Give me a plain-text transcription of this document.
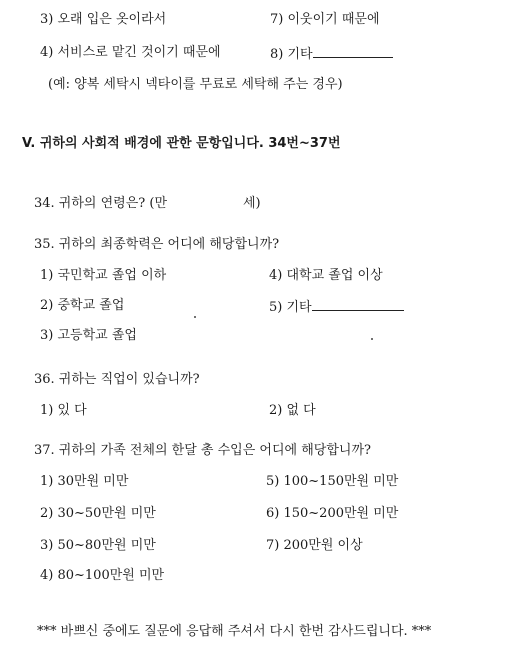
3) 오래 입은 옷이라서	7) 이웃이기 때문에
4) 서비스로 맡긴 것이기 때문에	8) 기타
(예: 양복 세탁시 넥타이를 무료로 세탁해 주는 경우)
V. 귀하의 사회적 배경에 관한 문항입니다. 34번~37번
34. 귀하의 연령은? (만	세)
35. 귀하의 최종학력은 어디에 해당합니까?
1) 국민학교 졸업 이하	4) 대학교 졸업 이상
2) 중학교 졸업	5) 기타
3) 고등학교 졸업
36. 귀하는 직업이 있습니까?
1) 있 다	2) 없 다
37. 귀하의 가족 전체의 한달 총 수입은 어디에 해당합니까?
1) 30만원 미만	5) 100~150만원 미만
2) 30~50만원 미만	6) 150~200만원 미만
3) 50~80만원 미만	7) 200만원 이상
4) 80~100만원 미만
*** 바쁘신 중에도 질문에 응답해 주셔서 다시 한번 감사드립니다. ***
